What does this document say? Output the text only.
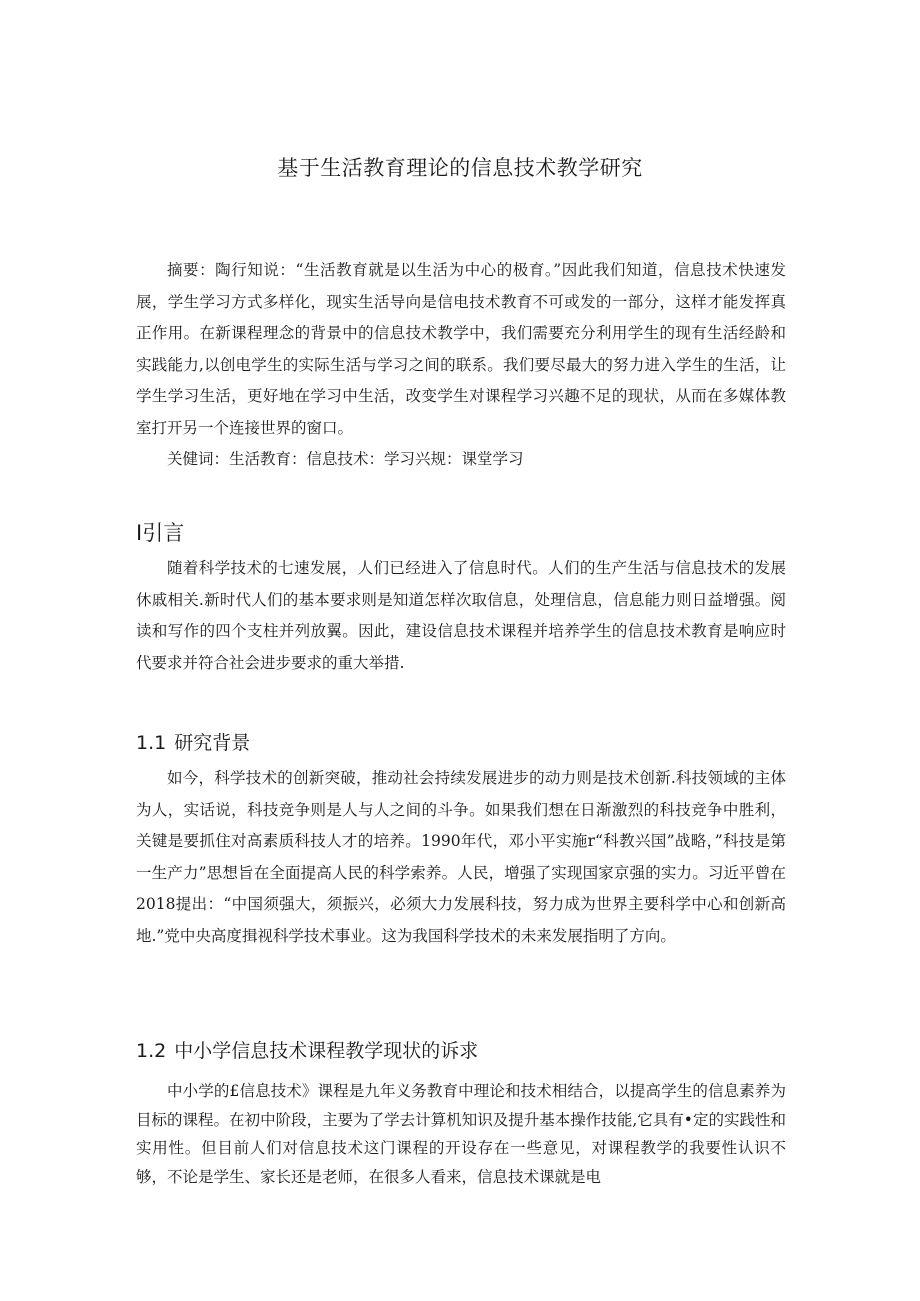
基于生活教育理论的信息技术教学研究

摘要：陶行知说：“生活教育就是以生活为中心的极育。”因此我们知道，信息技术快速发展，学生学习方式多样化，现实生活导向是信电技术教育不可或发的一部分，这样才能发挥真正作用。在新课程理念的背景中的信息技术教学中，我们需要充分利用学生的现有生活经龄和实践能力,以创电学生的实际生活与学习之间的联系。我们要尽最大的努力进入学生的生活，让学生学习生活，更好地在学习中生活，改变学生对课程学习兴趣不足的现状，从而在多媒体教室打开另一个连接世界的窗口。

关健词：生活教育：信息技术：学习兴规：课堂学习

I引言

随着科学技术的七速发展，人们已经进入了信息时代。人们的生产生活与信息技术的发展休戚相关.新时代人们的基本要求则是知道怎样次取信息，处理信息，信息能力则日益增强。阅读和写作的四个支柱并列放翼。因此，建设信息技术课程并培养学生的信息技术教育是响应时代要求并符合社会进步要求的重大举措.

1.1 研究背景

如今，科学技术的创新突破，推动社会持续发展进步的动力则是技术创新.科技领域的主体为人，实话说，科技竞争则是人与人之间的斗争。如果我们想在日渐激烈的科技竞争中胜利，关键是要抓住对高素质科技人才的培养。1990年代，邓小平实施r“科教兴国”战略，”科技是第一生产力”思想旨在全面提高人民的科学索养。人民，增强了实现国家京强的实力。习近平曾在2018提出：“中国须强大，须振兴，必须大力发展科技，努力成为世界主要科学中心和创新高地.”党中央高度揖视科学技术事业。这为我国科学技术的未来发展指明了方向。

1.2 中小学信息技术课程教学现状的诉求

中小学的£信息技术》课程是九年义务教育中理论和技术相结合，以提高学生的信息素养为目标的课程。在初中阶段，主要为了学去计算机知识及提升基本操作技能,它具有•定的实践性和实用性。但目前人们对信息技术这门课程的开设存在一些意见，对课程教学的我要性认识不够，不论是学生、家长还是老师，在很多人看来，信息技术课就是电
